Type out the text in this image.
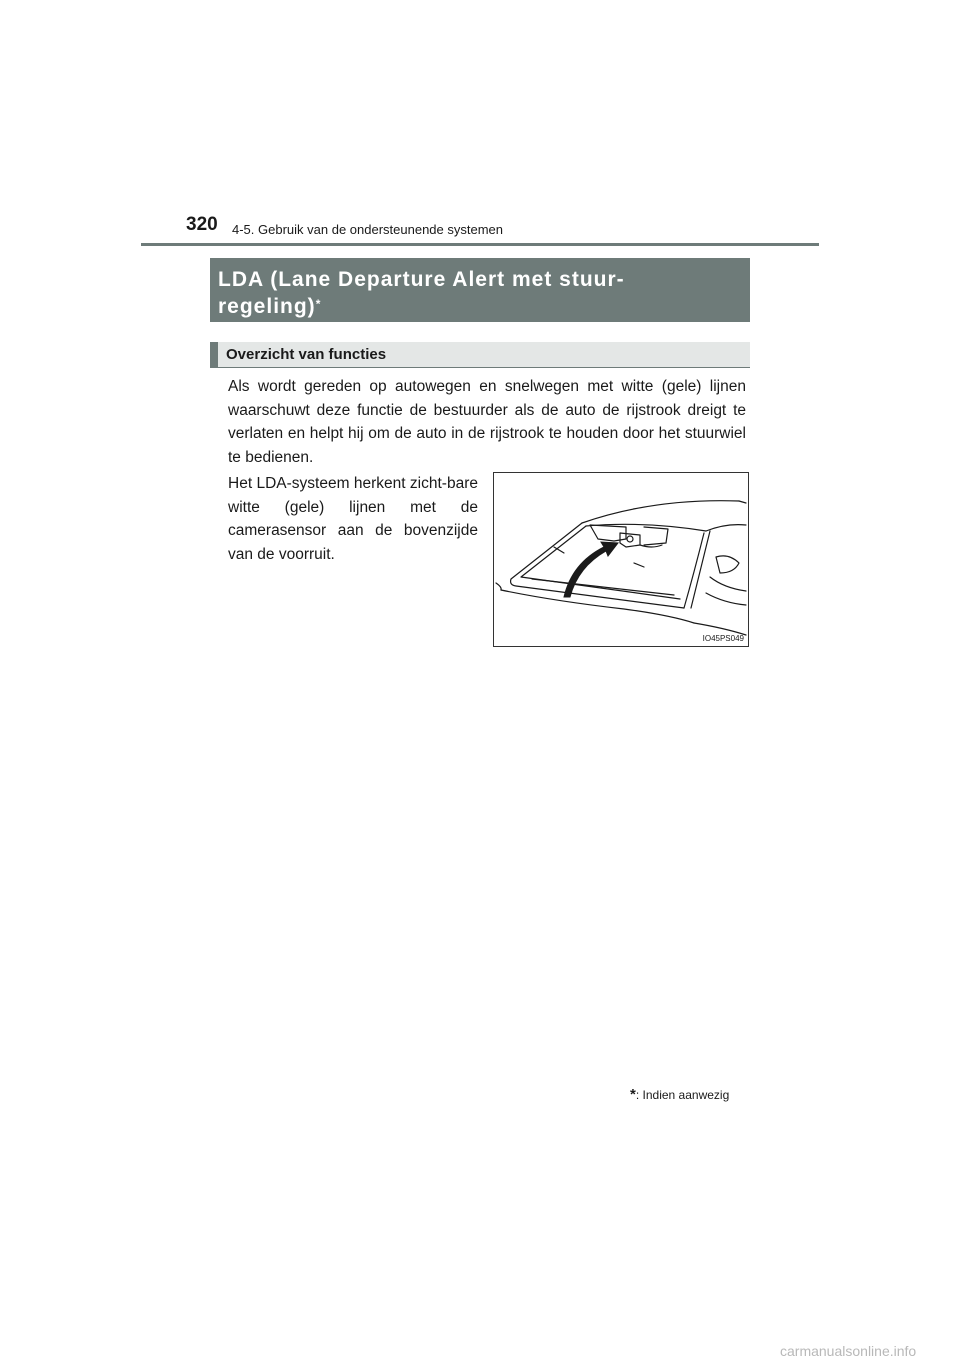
320 4-5. Gebruik van de ondersteunende systemen
LDA (Lane Departure Alert met stuur-
regeling)*
Overzicht van functies

Als wordt gereden op autowegen en snelwegen met witte (gele) lijnen waarschuwt deze functie de bestuurder als de auto de rijstrook dreigt te verlaten en helpt hij om de auto in de rijstrook te houden door het stuurwiel te bedienen.

Het LDA-systeem herkent zicht-bare witte (gele) lijnen met de camerasensor aan de bovenzijde van de voorruit.

IO45PS049
*: Indien aanwezig
carmanualsonline.info
